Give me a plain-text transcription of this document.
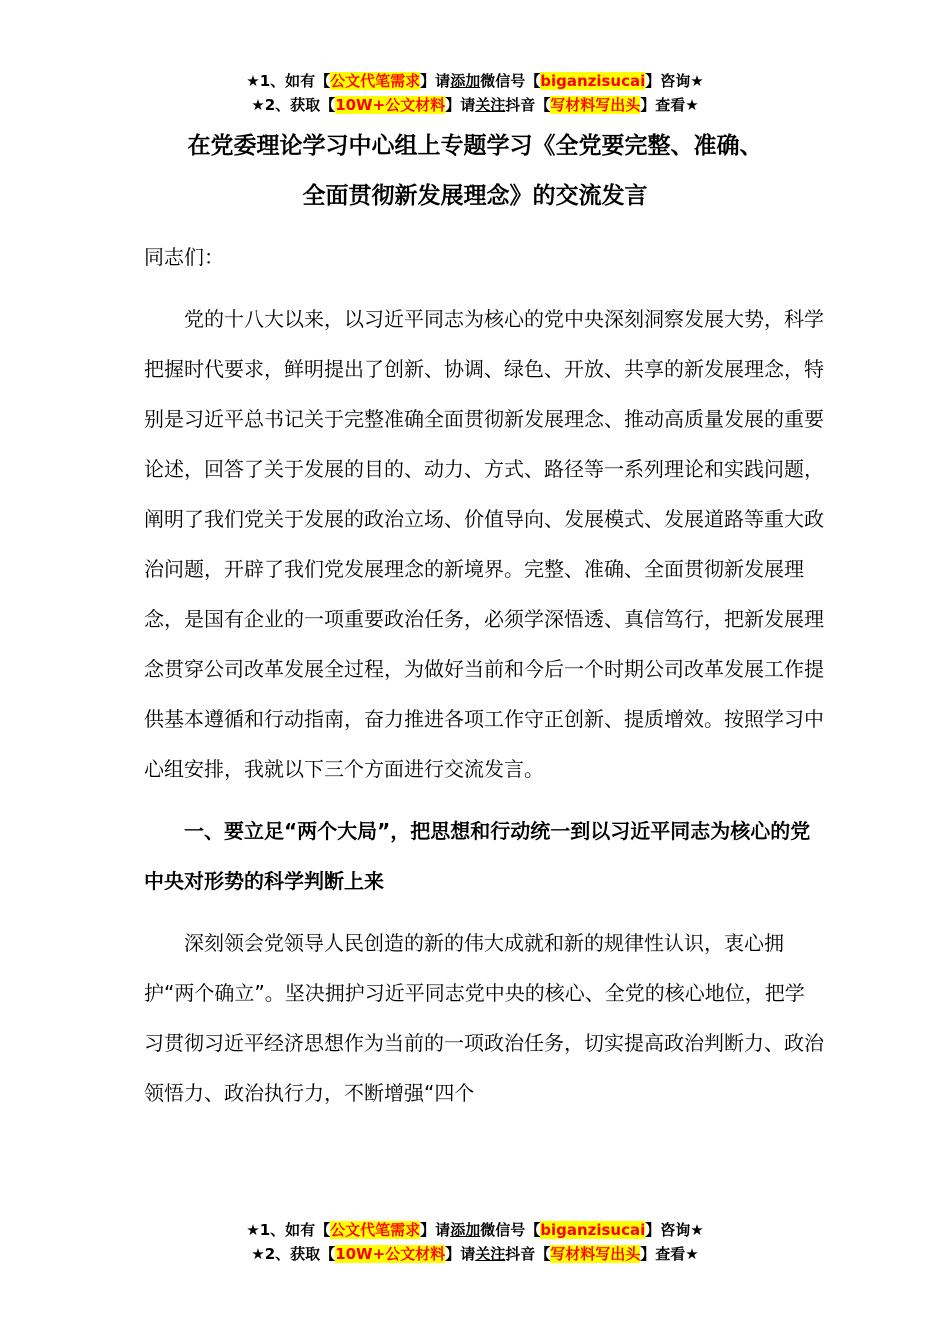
★1、如有【公文代笔需求】请添加微信号【biganzisucai】咨询★
★2、获取【10W+公文材料】请关注抖音【写材料写出头】查看★
在党委理论学习中心组上专题学习《全党要完整、准确、
全面贯彻新发展理念》的交流发言

同志们：

党的十八大以来，以习近平同志为核心的党中央深刻洞察发展大势，科学把握时代要求，鲜明提出了创新、协调、绿色、开放、共享的新发展理念，特别是习近平总书记关于完整准确全面贯彻新发展理念、推动高质量发展的重要论述，回答了关于发展的目的、动力、方式、路径等一系列理论和实践问题，阐明了我们党关于发展的政治立场、价值导向、发展模式、发展道路等重大政治问题，开辟了我们党发展理念的新境界。完整、准确、全面贯彻新发展理念，是国有企业的一项重要政治任务，必须学深悟透、真信笃行，把新发展理念贯穿公司改革发展全过程，为做好当前和今后一个时期公司改革发展工作提供基本遵循和行动指南，奋力推进各项工作守正创新、提质增效。按照学习中心组安排，我就以下三个方面进行交流发言。

一、要立足“两个大局”，把思想和行动统一到以习近平同志为核心的党中央对形势的科学判断上来

深刻领会党领导人民创造的新的伟大成就和新的规律性认识，衷心拥护“两个确立”。坚决拥护习近平同志党中央的核心、全党的核心地位，把学习贯彻习近平经济思想作为当前的一项政治任务，切实提高政治判断力、政治领悟力、政治执行力，不断增强“四个

★1、如有【公文代笔需求】请添加微信号【biganzisucai】咨询★
★2、获取【10W+公文材料】请关注抖音【写材料写出头】查看★
